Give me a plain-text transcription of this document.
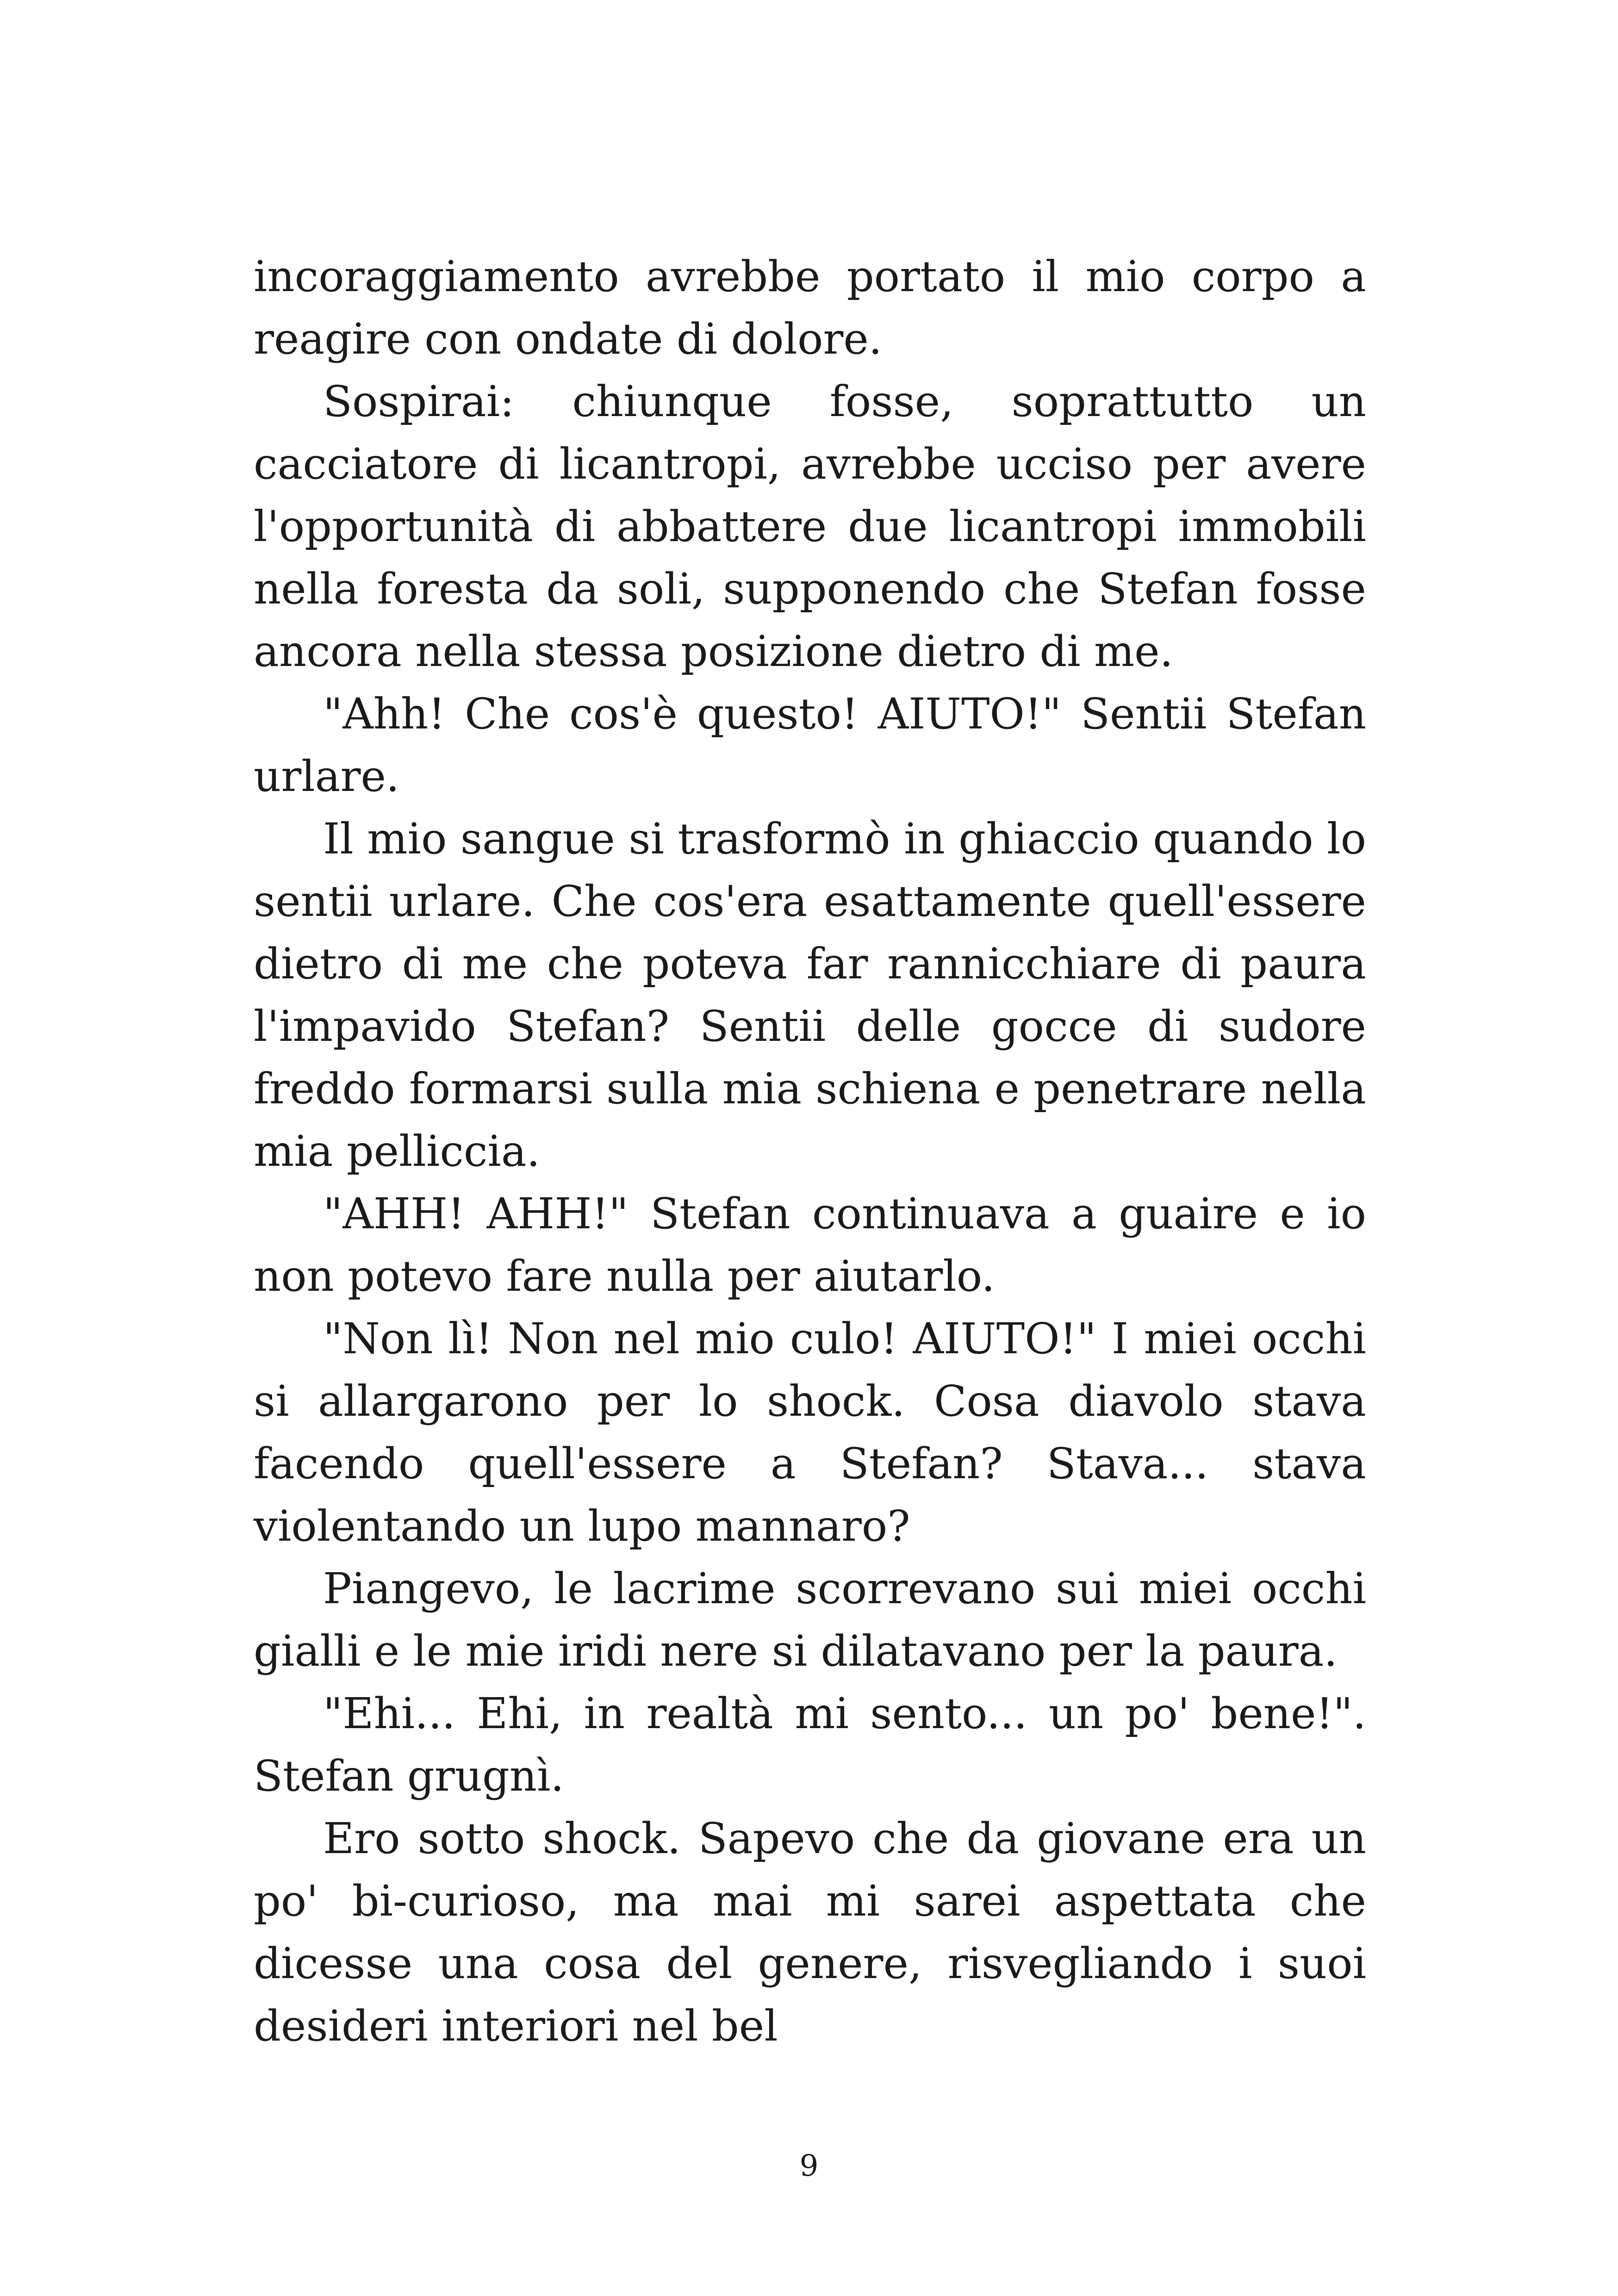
incoraggiamento avrebbe portato il mio corpo a reagire con ondate di dolore.

Sospirai: chiunque fosse, soprattutto un cacciatore di licantropi, avrebbe ucciso per avere l'opportunità di abbattere due licantropi immobili nella foresta da soli, supponendo che Stefan fosse ancora nella stessa posizione dietro di me.

"Ahh! Che cos'è questo! AIUTO!" Sentii Stefan urlare.

Il mio sangue si trasformò in ghiaccio quando lo sentii urlare. Che cos'era esattamente quell'essere dietro di me che poteva far rannicchiare di paura l'impavido Stefan? Sentii delle gocce di sudore freddo formarsi sulla mia schiena e penetrare nella mia pelliccia.

"AHH! AHH!" Stefan continuava a guaire e io non potevo fare nulla per aiutarlo.

"Non lì! Non nel mio culo! AIUTO!" I miei occhi si allargarono per lo shock. Cosa diavolo stava facendo quell'essere a Stefan? Stava... stava violentando un lupo mannaro?

Piangevo, le lacrime scorrevano sui miei occhi gialli e le mie iridi nere si dilatavano per la paura.

"Ehi... Ehi, in realtà mi sento... un po' bene!". Stefan grugnì.

Ero sotto shock. Sapevo che da giovane era un po' bi-curioso, ma mai mi sarei aspettata che dicesse una cosa del genere, risvegliando i suoi desideri interiori nel bel

9
